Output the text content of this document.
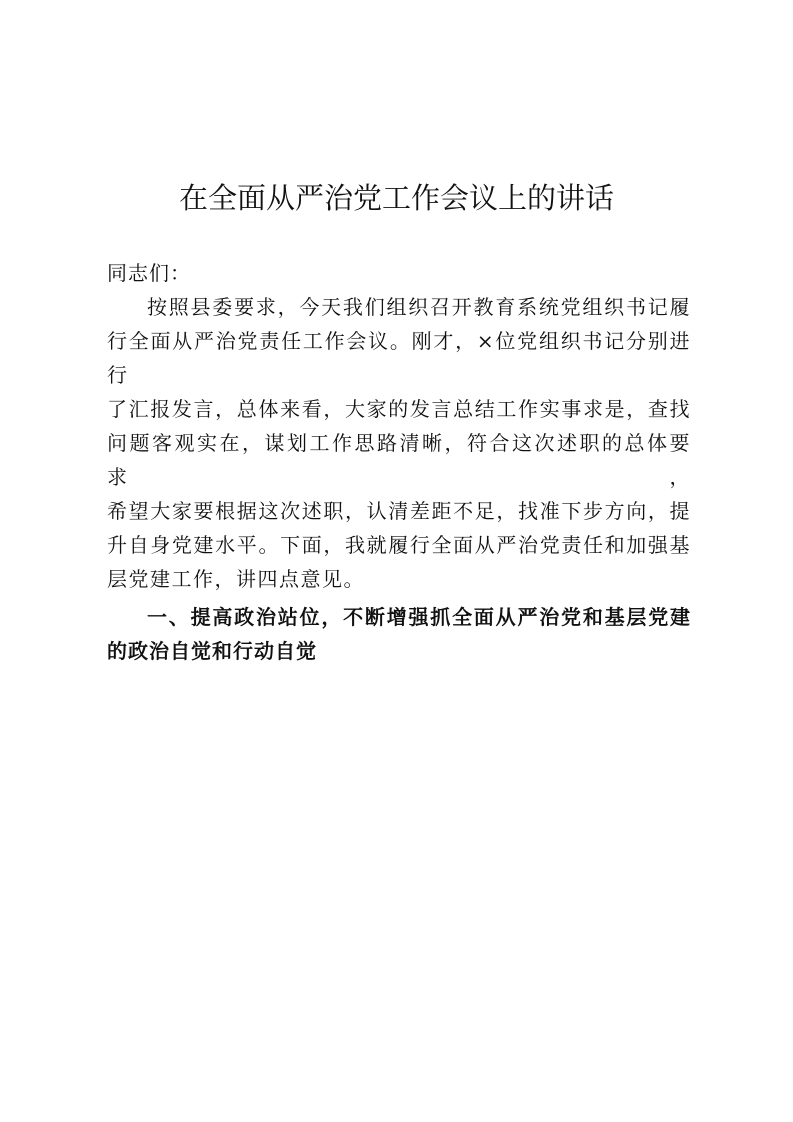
在全面从严治党工作会议上的讲话

同志们：

按照县委要求，今天我们组织召开教育系统党组织书记履
行全面从严治党责任工作会议。刚才，×位党组织书记分别进行
了汇报发言，总体来看，大家的发言总结工作实事求是，查找
问题客观实在，谋划工作思路清晰，符合这次述职的总体要求，
希望大家要根据这次述职，认清差距不足，找准下步方向，提
升自身党建水平。下面，我就履行全面从严治党责任和加强基
层党建工作，讲四点意见。

一、提高政治站位，不断增强抓全面从严治党和基层党建
的政治自觉和行动自觉
